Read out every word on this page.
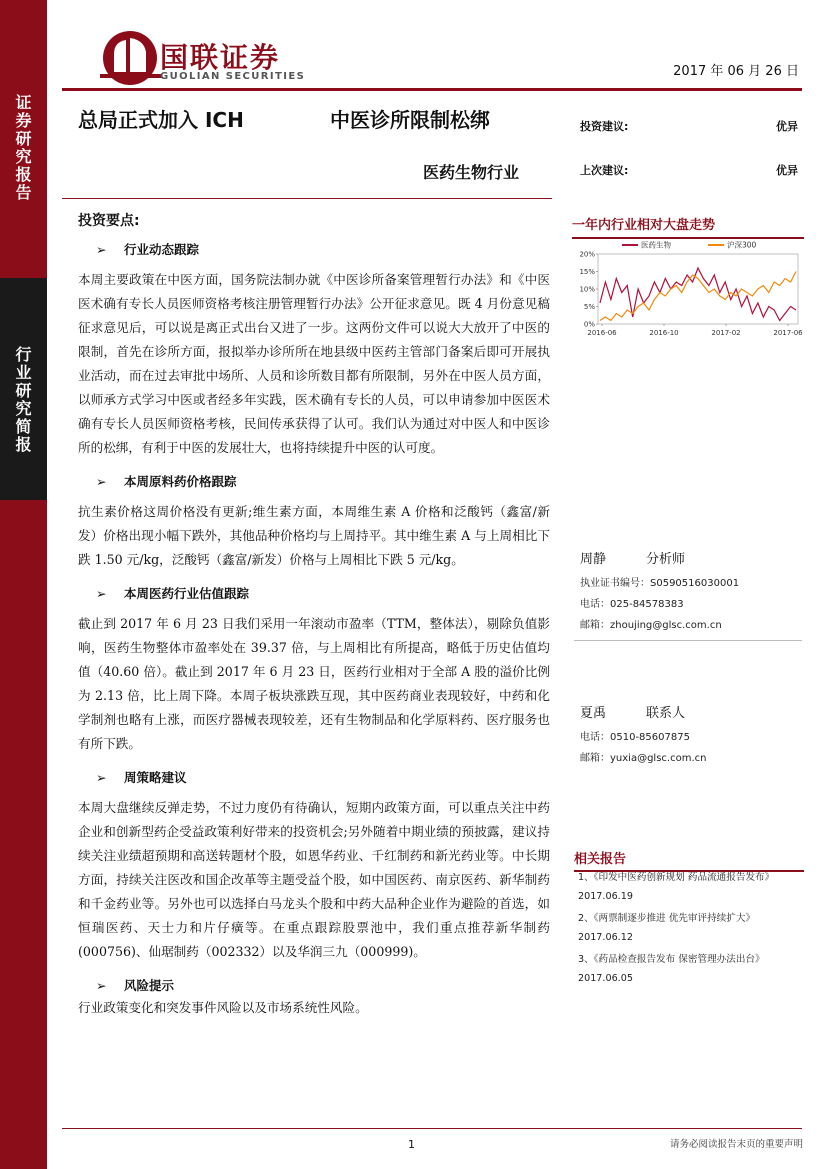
证
券
研
究
报
告
行
业
研
究
简
报
国联证券
GUOLIAN SECURITIES	2017 年 06 月 26 日
总局正式加入 ICH	中医诊所限制松绑
医药生物行业
投资建议:	优异
上次建议:	优异
投资要点:
➢ 行业动态跟踪

本周主要政策在中医方面，国务院法制办就《中医诊所备案管理暂行办法》和《中医医术确有专长人员医师资格考核注册管理暂行办法》公开征求意见。既 4 月份意见稿征求意见后，可以说是离正式出台又进了一步。这两份文件可以说大大放开了中医的限制，首先在诊所方面，报拟举办诊所所在地县级中医药主管部门备案后即可开展执业活动，而在过去审批中场所、人员和诊所数目都有所限制，另外在中医人员方面，以师承方式学习中医或者经多年实践，医术确有专长的人员，可以申请参加中医医术确有专长人员医师资格考核，民间传承获得了认可。我们认为通过对中医人和中医诊所的松绑，有利于中医的发展壮大，也将持续提升中医的认可度。

➢ 本周原料药价格跟踪

抗生素价格这周价格没有更新;维生素方面，本周维生素 A 价格和泛酸钙（鑫富/新发）价格出现小幅下跌外，其他品种价格均与上周持平。其中维生素 A 与上周相比下跌 1.50 元/kg，泛酸钙（鑫富/新发）价格与上周相比下跌 5 元/kg。

➢ 本周医药行业估值跟踪

截止到 2017 年 6 月 23 日我们采用一年滚动市盈率（TTM，整体法），剔除负值影响，医药生物整体市盈率处在 39.37 倍，与上周相比有所提高，略低于历史估值均值（40.60 倍）。截止到 2017 年 6 月 23 日，医药行业相对于全部 A 股的溢价比例为 2.13 倍，比上周下降。本周子板块涨跌互现，其中医药商业表现较好，中药和化学制剂也略有上涨，而医疗器械表现较差，还有生物制品和化学原料药、医疗服务也有所下跌。

➢ 周策略建议

本周大盘继续反弹走势，不过力度仍有待确认，短期内政策方面，可以重点关注中药企业和创新型药企受益政策利好带来的投资机会;另外随着中期业绩的预披露，建议持续关注业绩超预期和高送转题材个股，如恩华药业、千红制药和新光药业等。中长期方面，持续关注医改和国企改革等主题受益个股，如中国医药、南京医药、新华制药和千金药业等。另外也可以选择白马龙头个股和中药大品种企业作为避险的首选，如恒瑞医药、天士力和片仔癀等。在重点跟踪股票池中，我们重点推荐新华制药(000756)、仙琚制药（002332）以及华润三九（000999)。

➢ 风险提示

行业政策变化和突发事件风险以及市场系统性风险。

一年内行业相对大盘走势
20%
15%
10%
5%
0%
2016-06	2016-10	2017-02	2017-06
医药生物	沪深300
周静	分析师
执业证书编号：S0590516030001
电话：025-84578383
邮箱：zhoujing@glsc.com.cn
夏禹	联系人
电话：0510-85607875
邮箱：yuxia@glsc.com.cn
相关报告
1、《印发中医药创新规划 药品流通报告发布》
2017.06.19
2、《两票制逐步推进 优先审评持续扩大》
2017.06.12
3、《药品检查报告发布 保密管理办法出台》
2017.06.05
1	请务必阅读报告末页的重要声明
